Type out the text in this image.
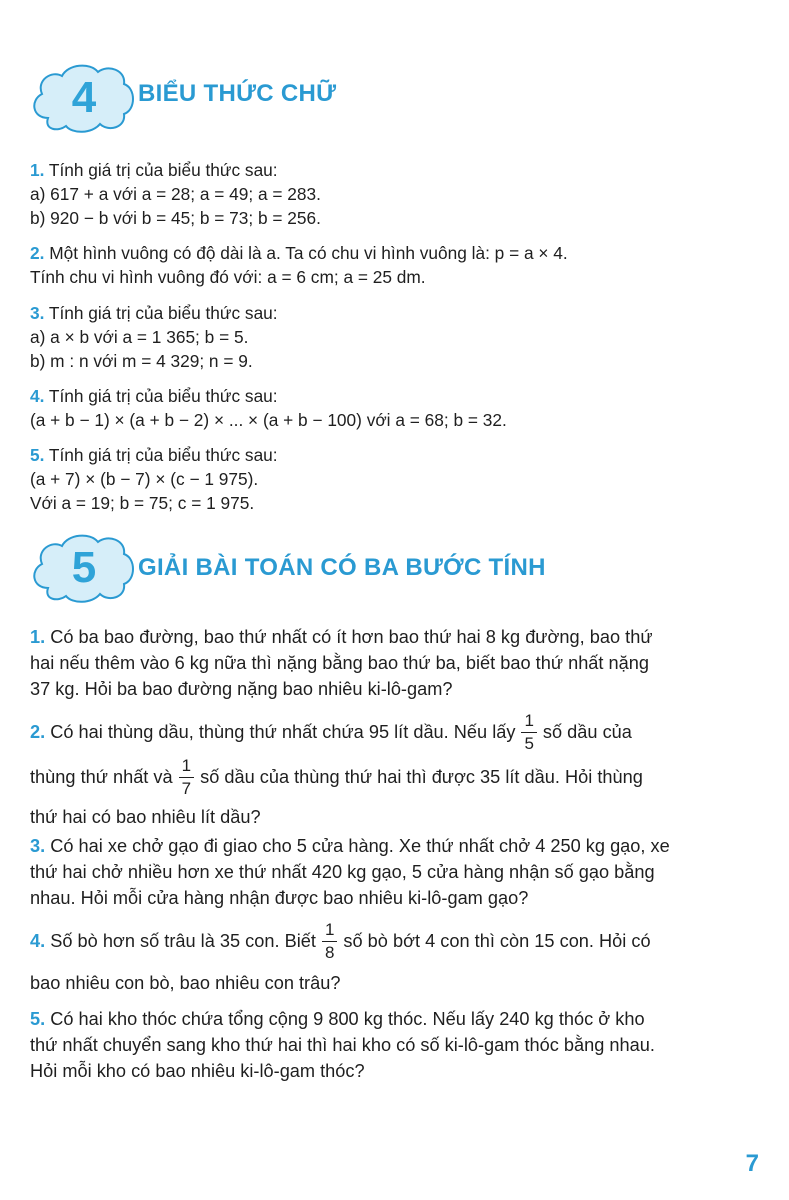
4	BIỂU THỨC CHỮ
1. Tính giá trị của biểu thức sau:
a) 617 + a với a = 28; a = 49; a = 283.
b) 920 − b với b = 45; b = 73; b = 256.
2. Một hình vuông có độ dài là a. Ta có chu vi hình vuông là: p = a × 4.
Tính chu vi hình vuông đó với: a = 6 cm; a = 25 dm.
3. Tính giá trị của biểu thức sau:
a) a × b với a = 1 365; b = 5.
b) m : n với m = 4 329; n = 9.
4. Tính giá trị của biểu thức sau:
(a + b − 1) × (a + b − 2) × ... × (a + b − 100) với a = 68; b = 32.
5. Tính giá trị của biểu thức sau:
(a + 7) × (b − 7) × (c − 1 975).
Với a = 19; b = 75; c = 1 975.
5	GIẢI BÀI TOÁN CÓ BA BƯỚC TÍNH
1. Có ba bao đường, bao thứ nhất có ít hơn bao thứ hai 8 kg đường, bao thứ
hai nếu thêm vào 6 kg nữa thì nặng bằng bao thứ ba, biết bao thứ nhất nặng
37 kg. Hỏi ba bao đường nặng bao nhiêu ki-lô-gam?
2.
Có hai thùng dầu, thùng thứ nhất chứa 95 lít dầu. Nếu lấy $\frac{1}{5}$ số dầu của
thùng thứ nhất và $\frac{1}{7}$ số dầu của thùng thứ hai thì được 35 lít dầu. Hỏi thùng
thứ hai có bao nhiêu lít dầu?
3. Có hai xe chở gạo đi giao cho 5 cửa hàng. Xe thứ nhất chở 4 250 kg gạo, xe
thứ hai chở nhiều hơn xe thứ nhất 420 kg gạo, 5 cửa hàng nhận số gạo bằng
nhau. Hỏi mỗi cửa hàng nhận được bao nhiêu ki-lô-gam gạo?
4.
Số bò hơn số trâu là 35 con. Biết $\frac{1}{8}$ số bò bớt 4 con thì còn 15 con. Hỏi có
bao nhiêu con bò, bao nhiêu con trâu?
5. Có hai kho thóc chứa tổng cộng 9 800 kg thóc. Nếu lấy 240 kg thóc ở kho
thứ nhất chuyển sang kho thứ hai thì hai kho có số ki-lô-gam thóc bằng nhau.
Hỏi mỗi kho có bao nhiêu ki-lô-gam thóc?
7
